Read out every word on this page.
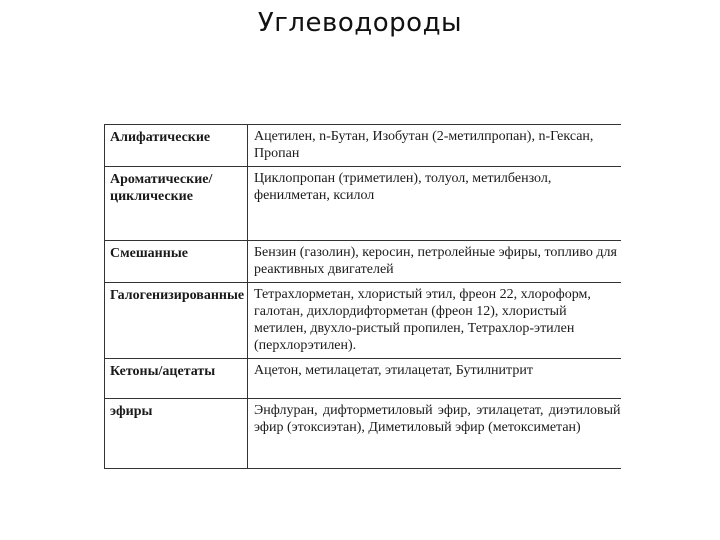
Углеводороды
Алифатические	Ацетилен, n-Бутан, Изобутан (2-метилпропан), n-Гексан, Пропан
Ароматические/ циклические	Циклопропан (триметилен), толуол, метилбензол, фенилметан, ксилол
Смешанные	Бензин (газолин), керосин, петролейные эфиры, топливо для реактивных двигателей
Галогенизированные	Тетрахлорметан, хлористый этил, фреон 22, хлороформ, галотан, дихлордифторметан (фреон 12), хлористый метилен, двухло-ристый пропилен, Тетрахлор-этилен (перхлорэтилен).
Кетоны/ацетаты	Ацетон, метилацетат, этилацетат, Бутилнитрит
эфиры	Энфлуран, дифторметиловый эфир, этилацетат, диэтиловый эфир (этоксиэтан), Диметиловый эфир (метоксиметан)
